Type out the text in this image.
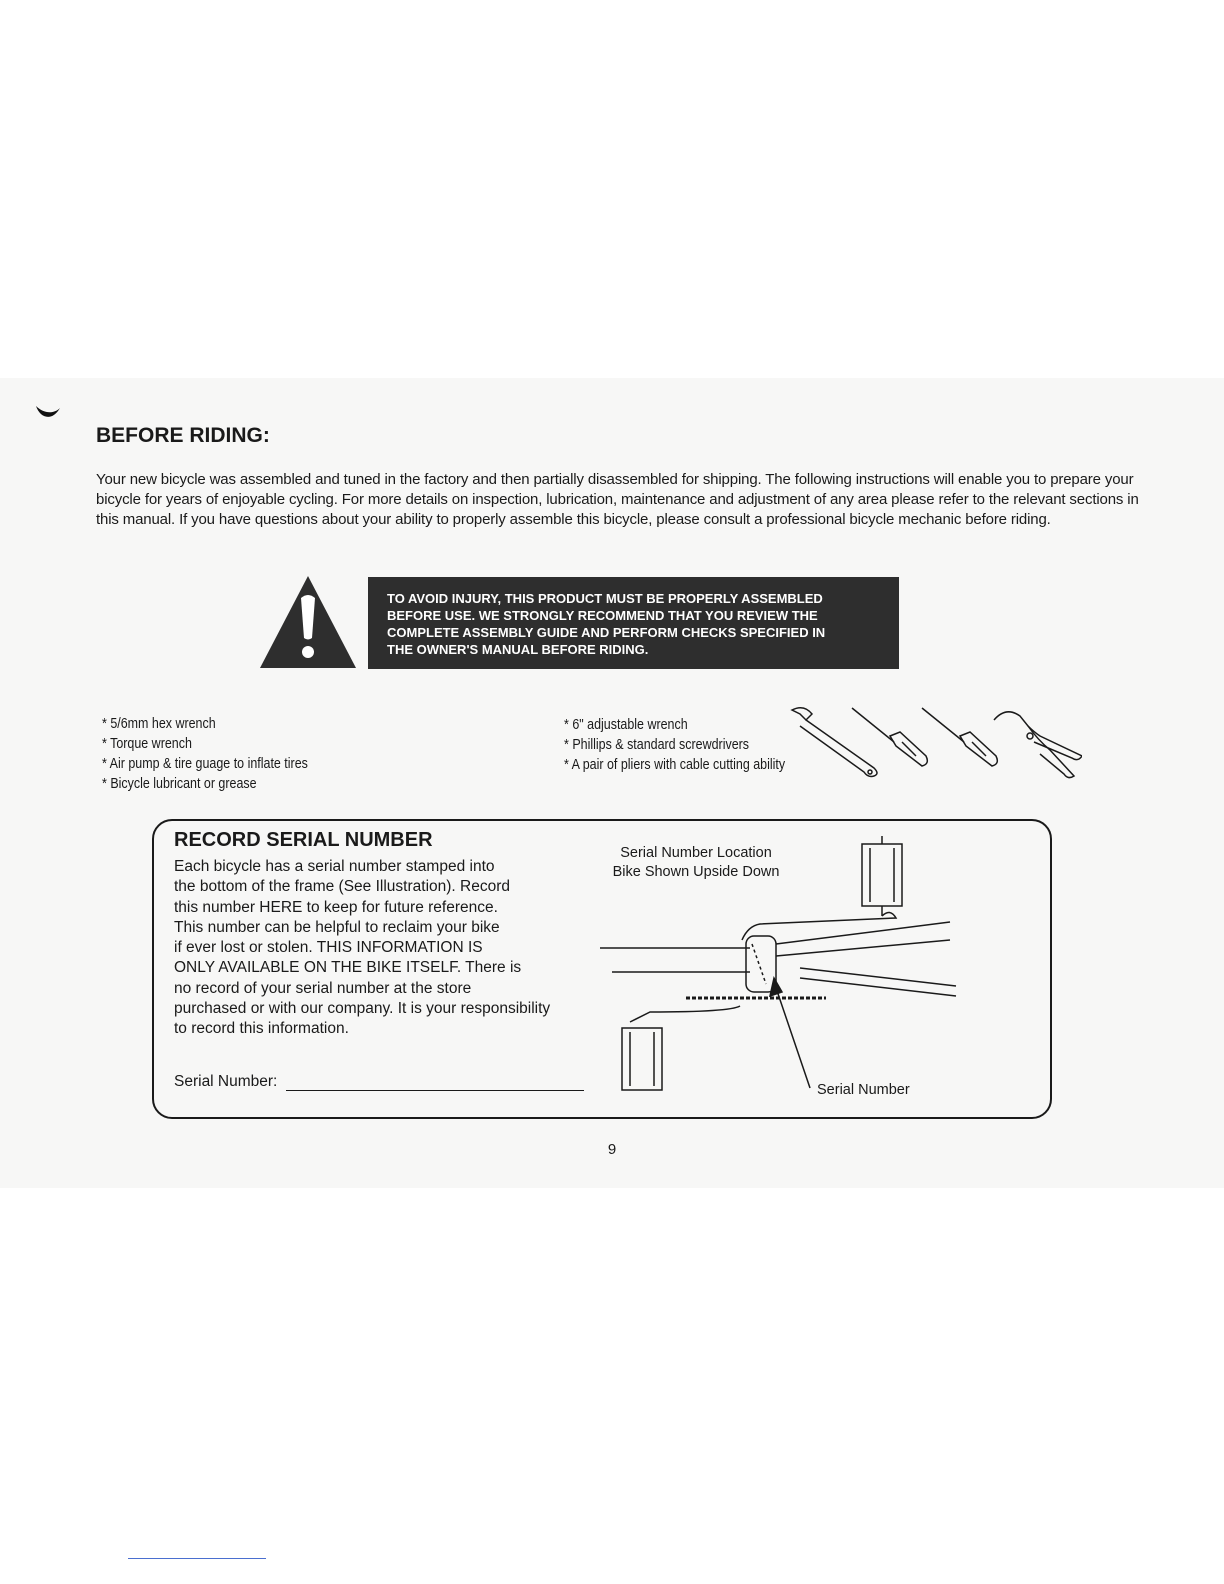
BEFORE RIDING:

Your new bicycle was assembled and tuned in the factory and then partially disassembled for shipping. The following instructions will enable you to prepare your bicycle for years of enjoyable cycling. For more details on inspection, lubrication, maintenance and adjustment of any area please refer to the relevant sections in this manual. If you have questions about your ability to properly assemble this bicycle, please consult a professional bicycle mechanic before riding.

TO AVOID INJURY, THIS PRODUCT MUST BE PROPERLY ASSEMBLED
BEFORE USE. WE STRONGLY RECOMMEND THAT YOU REVIEW THE
COMPLETE ASSEMBLY GUIDE AND PERFORM CHECKS SPECIFIED IN
THE OWNER'S MANUAL BEFORE RIDING.
* 5/6mm hex wrench
* Torque wrench
* Air pump & tire guage to inflate tires
* Bicycle lubricant or grease
* 6" adjustable wrench
* Phillips & standard screwdrivers
* A pair of pliers with cable cutting ability
RECORD SERIAL NUMBER
Each bicycle has a serial number stamped into
the bottom of the frame (See Illustration). Record
this number HERE to keep for future reference.
This number can be helpful to reclaim your bike
if ever lost or stolen. THIS INFORMATION IS
ONLY AVAILABLE ON THE BIKE ITSELF. There is
no record of your serial number at the store
purchased or with our company. It is your responsibility
to record this information.
Serial Number:
Serial Number Location
Bike Shown Upside Down
Serial Number
9
